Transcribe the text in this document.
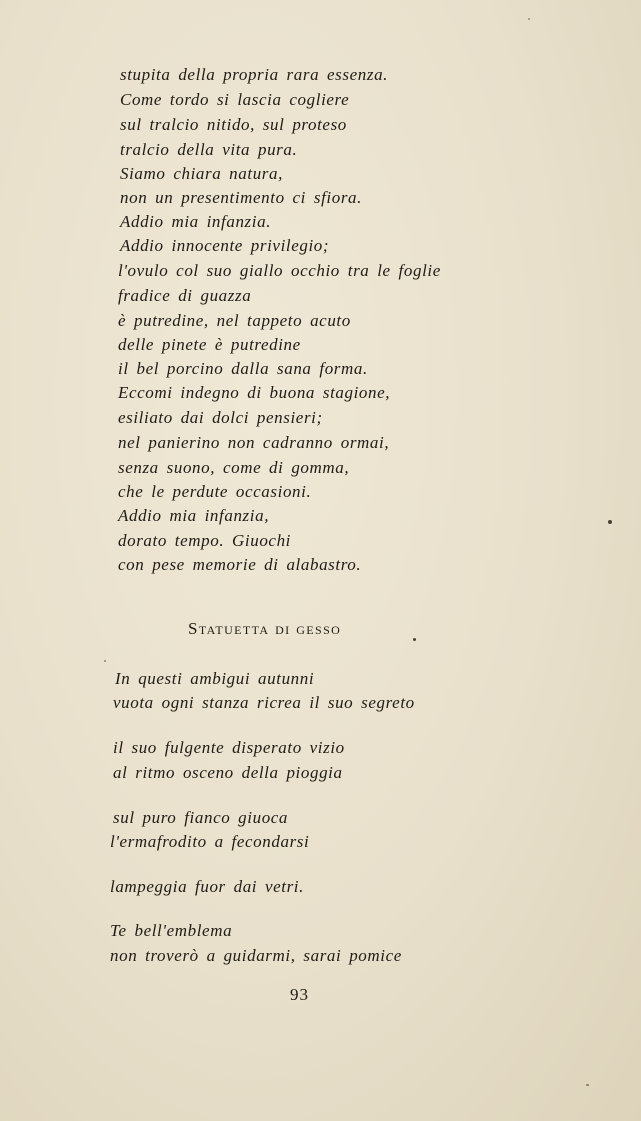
stupita della propria rara essenza.
Come tordo si lascia cogliere
sul tralcio nitido, sul proteso
tralcio della vita pura.
Siamo chiara natura,
non un presentimento ci sfiora.
Addio mia infanzia.
Addio innocente privilegio;
l'ovulo col suo giallo occhio tra le foglie
fradice di guazza
è putredine, nel tappeto acuto
delle pinete è putredine
il bel porcino dalla sana forma.
Eccomi indegno di buona stagione,
esiliato dai dolci pensieri;
nel panierino non cadranno ormai,
senza suono, come di gomma,
che le perdute occasioni.
Addio mia infanzia,
dorato tempo. Giuochi
con pese memorie di alabastro.
Statuetta di gesso
In questi ambigui autunni
vuota ogni stanza ricrea il suo segreto
il suo fulgente disperato vizio
al ritmo osceno della pioggia
sul puro fianco giuoca
l'ermafrodito a fecondarsi
lampeggia fuor dai vetri.
Te bell'emblema
non troverò a guidarmi, sarai pomice
93
